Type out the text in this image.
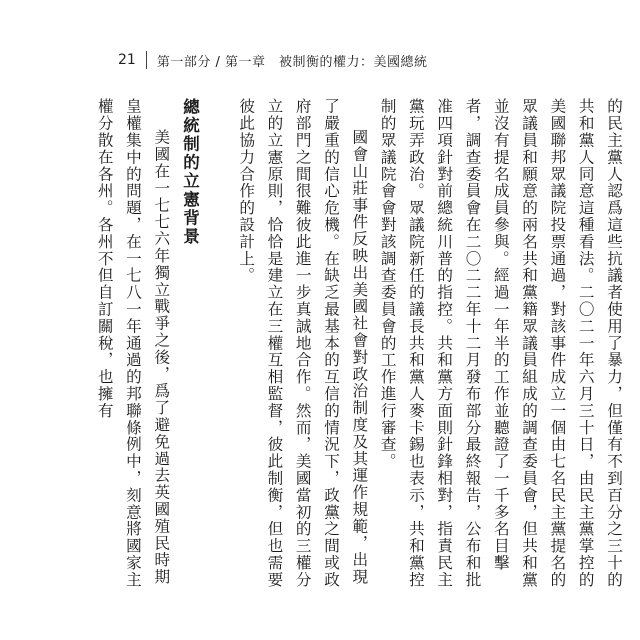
21 第一部分 / 第一章　被制衡的權力：美國總統

的民主黨人認爲這些抗議者使用了暴力，但僅有不到百分之三十的共和黨人同意這種看法。二〇二一年六月三十日，由民主黨掌控的美國聯邦眾議院投票通過，對該事件成立一個由七名民主黨提名的眾議員和願意的兩名共和黨籍眾議員組成的調查委員會，但共和黨並沒有提名成員參與。經過一年半的工作並聽證了一千多名目擊者，調查委員會在二〇二二年十二月發布部分最終報告，公布和批准四項針對前總統川普的指控。共和黨方面則針鋒相對，指責民主黨玩弄政治。眾議院新任的議長共和黨人麥卡錫也表示，共和黨控制的眾議院會會對該調查委員會的工作進行審查。

國會山莊事件反映出美國社會對政治制度及其運作規範，出現了嚴重的信心危機。在缺乏最基本的互信的情況下，政黨之間或政府部門之間很難彼此進一步真誠地合作。然而，美國當初的三權分立的立憲原則，恰恰是建立在三權互相監督，彼此制衡，但也需要彼此協力合作的設計上。

總統制的立憲背景

美國在一七七六年獨立戰爭之後，爲了避免過去英國殖民時期皇權集中的問題，在一七八一年通過的邦聯條例中，刻意將國家主權分散在各州。各州不但自訂關稅，也擁有
